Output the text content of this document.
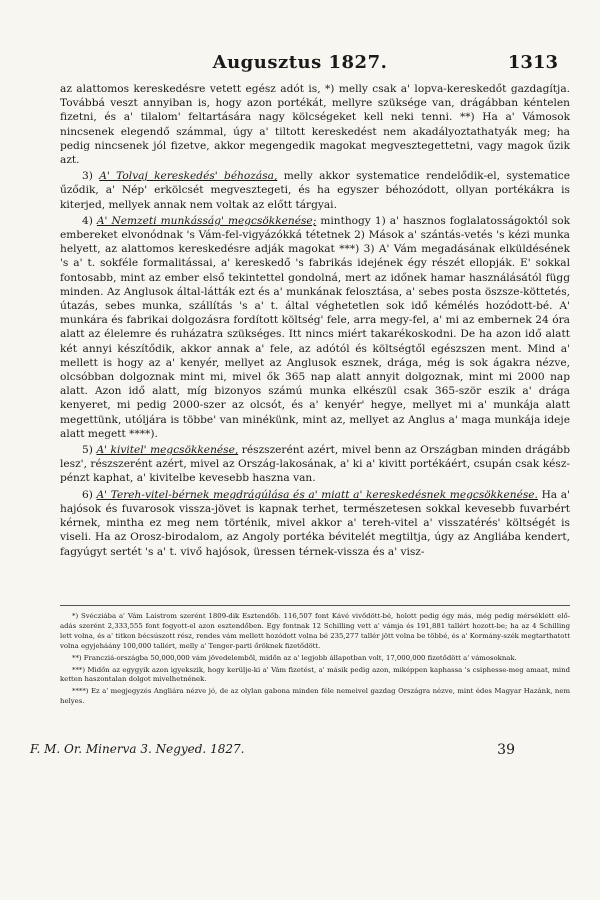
Augusztus 1827.	1313

az alattomos kereskedésre vetett egész adót is, *) melly csak a' lopva-kereskedőt gazdagítja. Továbbá veszt annyiban is, hogy azon portékát, mellyre szüksége van, drágábban kéntelen fizetni, és a' tilalom' feltartására nagy kölcségeket kell neki tenni. **) Ha a' Vámosok nincsenek elegendő számmal, úgy a' tiltott kereskedést nem akadályoztathatyák meg; ha pedig nincsenek jól fizetve, akkor megengedik magokat megvesztegettetni, vagy magok űzik azt.

3) A' Tolvaj kereskedés' béhozása, melly akkor systematice rendelődik-el, systematice űződik, a' Nép' erkölcsét megvesztegeti, és ha egyszer béhozódott, ollyan portékákra is kiterjed, mellyek annak nem voltak az előtt tárgyai.

4) A' Nemzeti munkásság' megcsökkenése; minthogy 1) a' hasznos foglalatosságoktól sok embereket elvonódnak 's Vám-fel-vigyázókká tétetnek 2) Mások a' szántás-vetés 's kézi munka helyett, az alattomos kereskedésre adják magokat ***) 3) A' Vám megadásának elküldésének 's a' t. sokféle formalitássai, a' kereskedő 's fabrikás idejének égy részét ellopják. E' sokkal fontosabb, mint az ember első tekintettel gondolná, mert az időnek hamar használásától függ minden. Az Anglusok által-látták ezt és a' munkának felosztása, a' sebes posta öszsze-köttetés, útazás, sebes munka, szállítás 's a' t. által véghetetlen sok idő kémélés hozódott-bé. A' munkára és fabrikai dolgozásra fordított költség' fele, arra megy-fel, a' mi az embernek 24 óra alatt az élelemre és ruházatra szükséges. Itt nincs miért takarékoskodni. De ha azon idő alatt két annyi készítődik, akkor annak a' fele, az adótól és költségtől egészszen ment. Mind a' mellett is hogy az a' kenyér, mellyet az Anglusok esznek, drága, még is sok ágakra nézve, olcsóbban dolgoznak mint mi, mivel ők 365 nap alatt annyit dolgoznak, mint mi 2000 nap alatt. Azon idő alatt, míg bizonyos számú munka elkészül csak 365-ször eszik a' drága kenyeret, mi pedig 2000-szer az olcsót, és a' kenyér' hegye, mellyet mi a' munkája alatt megettünk, utóljára is többe' van minékünk, mint az, mellyet az Anglus a' maga munkája ideje alatt megett ****).

5) A' kivitel' megcsökkenése, részszerént azért, mivel benn az Országban minden drágább lesz', részszerént azért, mivel az Ország-lakosának, a' ki a' kivitt portékáért, csupán csak kész-pénzt kaphat, a' kivitelbe kevesebb haszna van.

6) A' Tereh-vitel-bérnek megdrágúlása és a' miatt a' kereskedésnek megcsökkenése. Ha a' hajósok és fuvarosok vissza-jövet is kapnak terhet, természetesen sokkal kevesebb fuvarbért kérnek, mintha ez meg nem történik, mivel akkor a' tereh-vitel a' visszatérés' költségét is viseli. Ha az Orosz-birodalom, az Angoly portéka bévitelét megtiltja, úgy az Angliába kendert, fagyúgyt sertét 's a' t. vivő hajósok, üressen térnek-vissza és a' visz-

*) Svécziába a' Vám Laistrom szerént 1809-dik Esztendőb. 116,507 font Kávé vivődött-bé, holott pedig égy más, még pedig mérséklett elő-adás szerént 2,333,555 font fogyott-el azon esztendőben. Egy fontnak 12 Schilling vett a' vámja és 191,881 tallért hozott-be; ha az 4 Schilling lett volna, és a' titkon bécsúszott rész, rendes vám mellett hozódott volna bé 235,277 tallér jött volna be többé, és a' Kormány-szék megtarthatott volna egyjeháány 100,000 tallért, melly a' Tenger-parti őröknek fizetődött.

**) Francziá-országba 50,000,000 vám jövedelemből, midőn az a' legjobb állapotban volt, 17,000,000 fizetődött a' vámosoknak.

***) Midőn az egygyik azon igyekszik, hogy kerülje-ki a' Vám fizetést, a' másik pedig azon, miképpen kaphassa 's csiphesse-meg amaat, mind ketten haszontalan dolgot mivelhetnének.

****) Ez a' megjegyzés Angliára nézve jó, de az olylan gabona minden féle nemeivel gazdag Országra nézve, mint édes Magyar Hazánk, nem helyes.

F. M. Or. Minerva 3. Negyed. 1827.	39
